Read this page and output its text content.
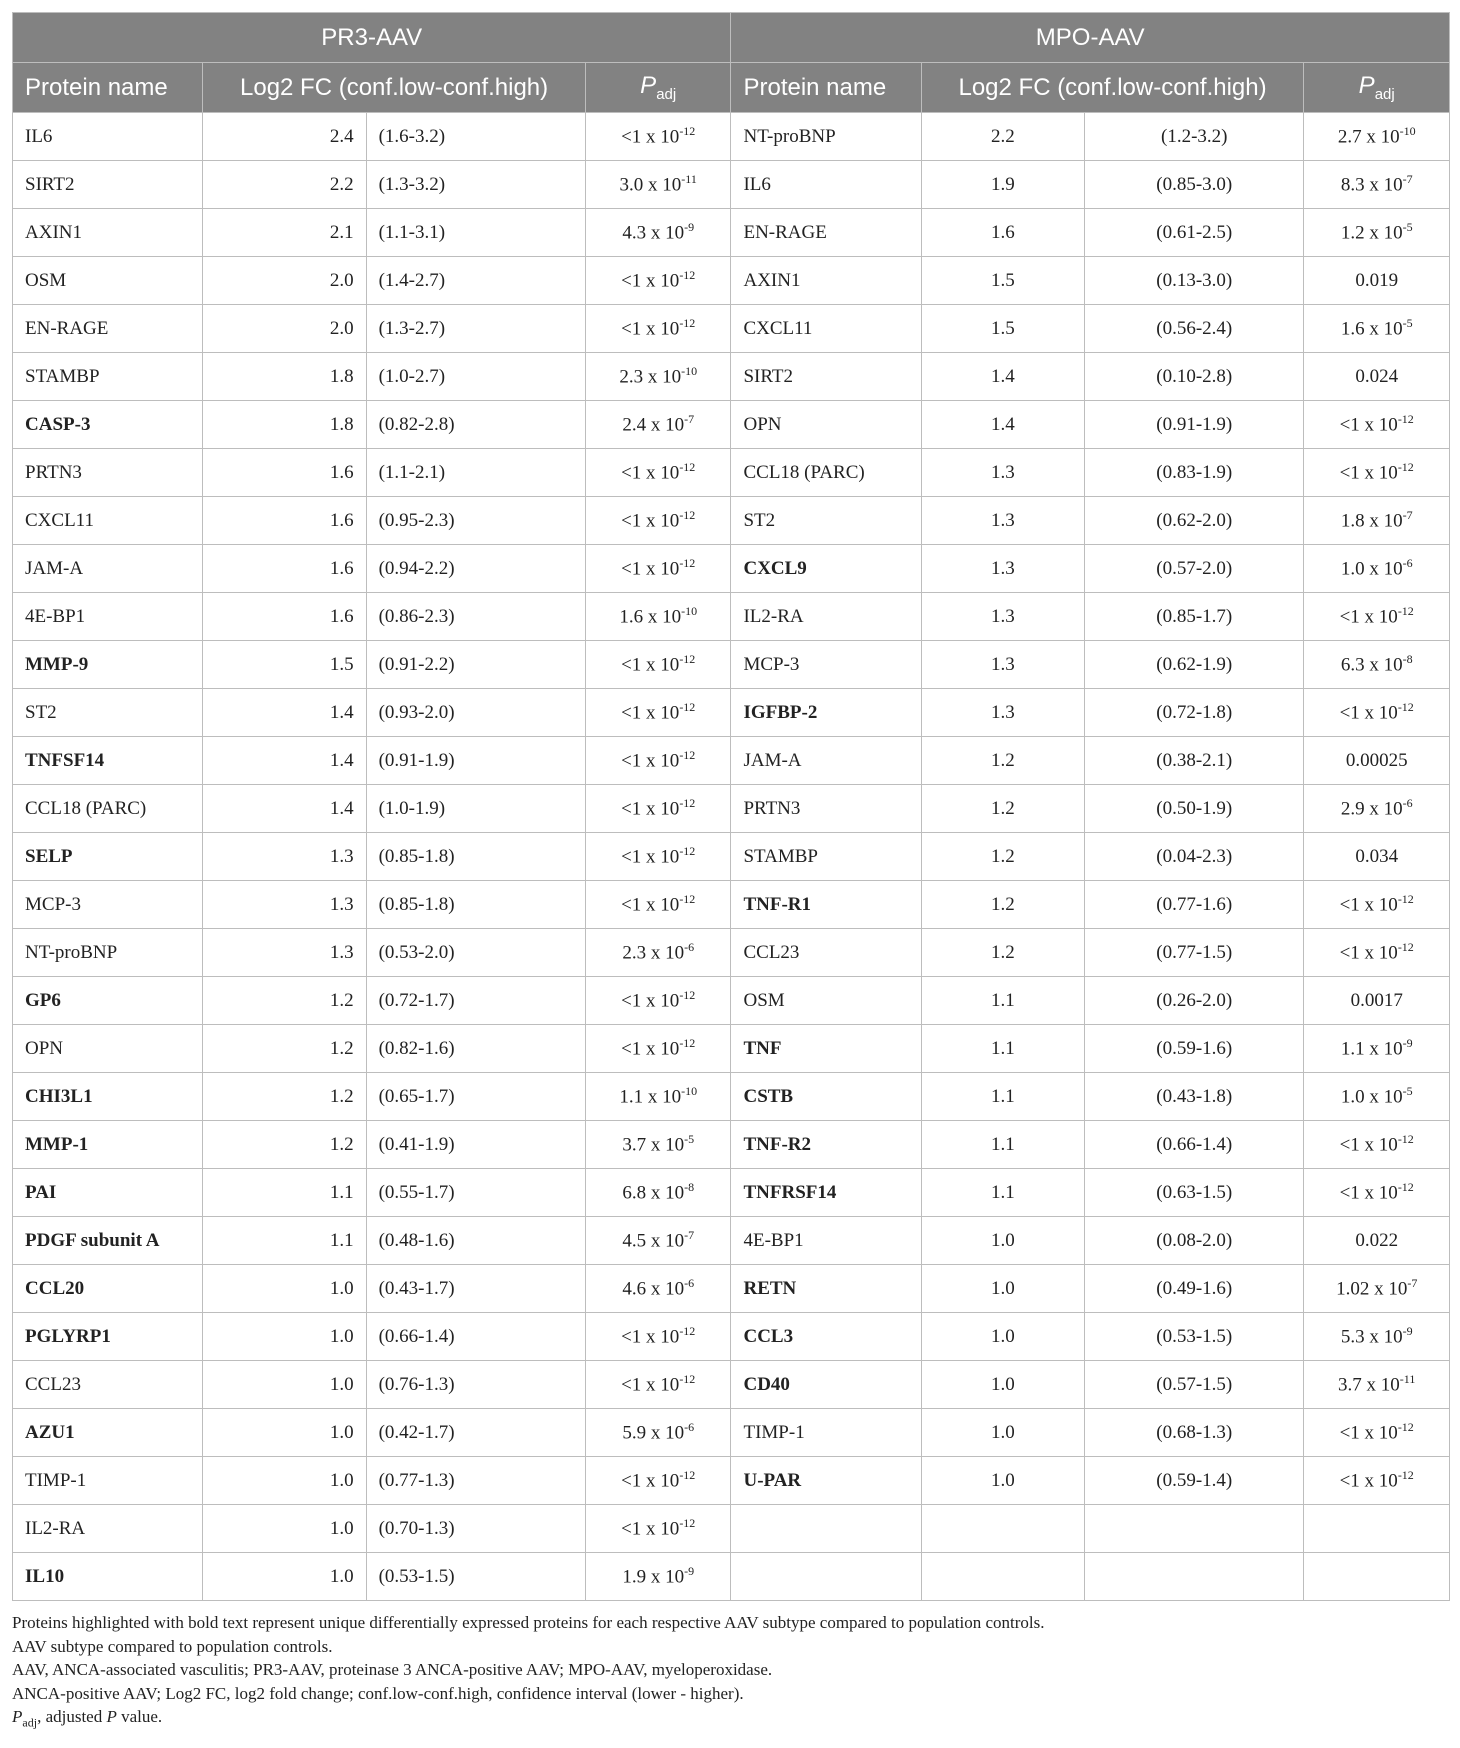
PR3-AAV				MPO-AAV			
Protein name	Log2 FC (conf.low-conf.high)		$P_{adj}$	Protein name	Log2 FC (conf.low-conf.high)		$P_{adj}$
IL6	2.4	(1.6-3.2)	<1 x $10^{-12}$	NT-proBNP	2.2	(1.2-3.2)	2.7 x $10^{-10}$
SIRT2	2.2	(1.3-3.2)	3.0 x $10^{-11}$	IL6	1.9	(0.85-3.0)	8.3 x $10^{-7}$
AXIN1	2.1	(1.1-3.1)	4.3 x $10^{-9}$	EN-RAGE	1.6	(0.61-2.5)	1.2 x $10^{-5}$
OSM	2.0	(1.4-2.7)	<1 x $10^{-12}$	AXIN1	1.5	(0.13-3.0)	0.019
EN-RAGE	2.0	(1.3-2.7)	<1 x $10^{-12}$	CXCL11	1.5	(0.56-2.4)	1.6 x $10^{-5}$
STAMBP	1.8	(1.0-2.7)	2.3 x $10^{-10}$	SIRT2	1.4	(0.10-2.8)	0.024
CASP-3	1.8	(0.82-2.8)	2.4 x $10^{-7}$	OPN	1.4	(0.91-1.9)	<1 x $10^{-12}$
PRTN3	1.6	(1.1-2.1)	<1 x $10^{-12}$	CCL18 (PARC)	1.3	(0.83-1.9)	<1 x $10^{-12}$
CXCL11	1.6	(0.95-2.3)	<1 x $10^{-12}$	ST2	1.3	(0.62-2.0)	1.8 x $10^{-7}$
JAM-A	1.6	(0.94-2.2)	<1 x $10^{-12}$	CXCL9	1.3	(0.57-2.0)	1.0 x $10^{-6}$
4E-BP1	1.6	(0.86-2.3)	1.6 x $10^{-10}$	IL2-RA	1.3	(0.85-1.7)	<1 x $10^{-12}$
MMP-9	1.5	(0.91-2.2)	<1 x $10^{-12}$	MCP-3	1.3	(0.62-1.9)	6.3 x $10^{-8}$
ST2	1.4	(0.93-2.0)	<1 x $10^{-12}$	IGFBP-2	1.3	(0.72-1.8)	<1 x $10^{-12}$
TNFSF14	1.4	(0.91-1.9)	<1 x $10^{-12}$	JAM-A	1.2	(0.38-2.1)	0.00025
CCL18 (PARC)	1.4	(1.0-1.9)	<1 x $10^{-12}$	PRTN3	1.2	(0.50-1.9)	2.9 x $10^{-6}$
SELP	1.3	(0.85-1.8)	<1 x $10^{-12}$	STAMBP	1.2	(0.04-2.3)	0.034
MCP-3	1.3	(0.85-1.8)	<1 x $10^{-12}$	TNF-R1	1.2	(0.77-1.6)	<1 x $10^{-12}$
NT-proBNP	1.3	(0.53-2.0)	2.3 x $10^{-6}$	CCL23	1.2	(0.77-1.5)	<1 x $10^{-12}$
GP6	1.2	(0.72-1.7)	<1 x $10^{-12}$	OSM	1.1	(0.26-2.0)	0.0017
OPN	1.2	(0.82-1.6)	<1 x $10^{-12}$	TNF	1.1	(0.59-1.6)	1.1 x $10^{-9}$
CHI3L1	1.2	(0.65-1.7)	1.1 x $10^{-10}$	CSTB	1.1	(0.43-1.8)	1.0 x $10^{-5}$
MMP-1	1.2	(0.41-1.9)	3.7 x $10^{-5}$	TNF-R2	1.1	(0.66-1.4)	<1 x $10^{-12}$
PAI	1.1	(0.55-1.7)	6.8 x $10^{-8}$	TNFRSF14	1.1	(0.63-1.5)	<1 x $10^{-12}$
PDGF subunit A	1.1	(0.48-1.6)	4.5 x $10^{-7}$	4E-BP1	1.0	(0.08-2.0)	0.022
CCL20	1.0	(0.43-1.7)	4.6 x $10^{-6}$	RETN	1.0	(0.49-1.6)	1.02 x $10^{-7}$
PGLYRP1	1.0	(0.66-1.4)	<1 x $10^{-12}$	CCL3	1.0	(0.53-1.5)	5.3 x $10^{-9}$
CCL23	1.0	(0.76-1.3)	<1 x $10^{-12}$	CD40	1.0	(0.57-1.5)	3.7 x $10^{-11}$
AZU1	1.0	(0.42-1.7)	5.9 x $10^{-6}$	TIMP-1	1.0	(0.68-1.3)	<1 x $10^{-12}$
TIMP-1	1.0	(0.77-1.3)	<1 x $10^{-12}$	U-PAR	1.0	(0.59-1.4)	<1 x $10^{-12}$
IL2-RA	1.0	(0.70-1.3)	<1 x $10^{-12}$				
IL10	1.0	(0.53-1.5)	1.9 x $10^{-9}$				

Proteins highlighted with bold text represent unique differentially expressed proteins for each respective AAV subtype compared to population controls.

AAV subtype compared to population controls.

AAV, ANCA-associated vasculitis; PR3-AAV, proteinase 3 ANCA-positive AAV; MPO-AAV, myeloperoxidase.

ANCA-positive AAV; Log2 FC, log2 fold change; conf.low-conf.high, confidence interval (lower - higher).

$P_{adj}$, adjusted P value.
